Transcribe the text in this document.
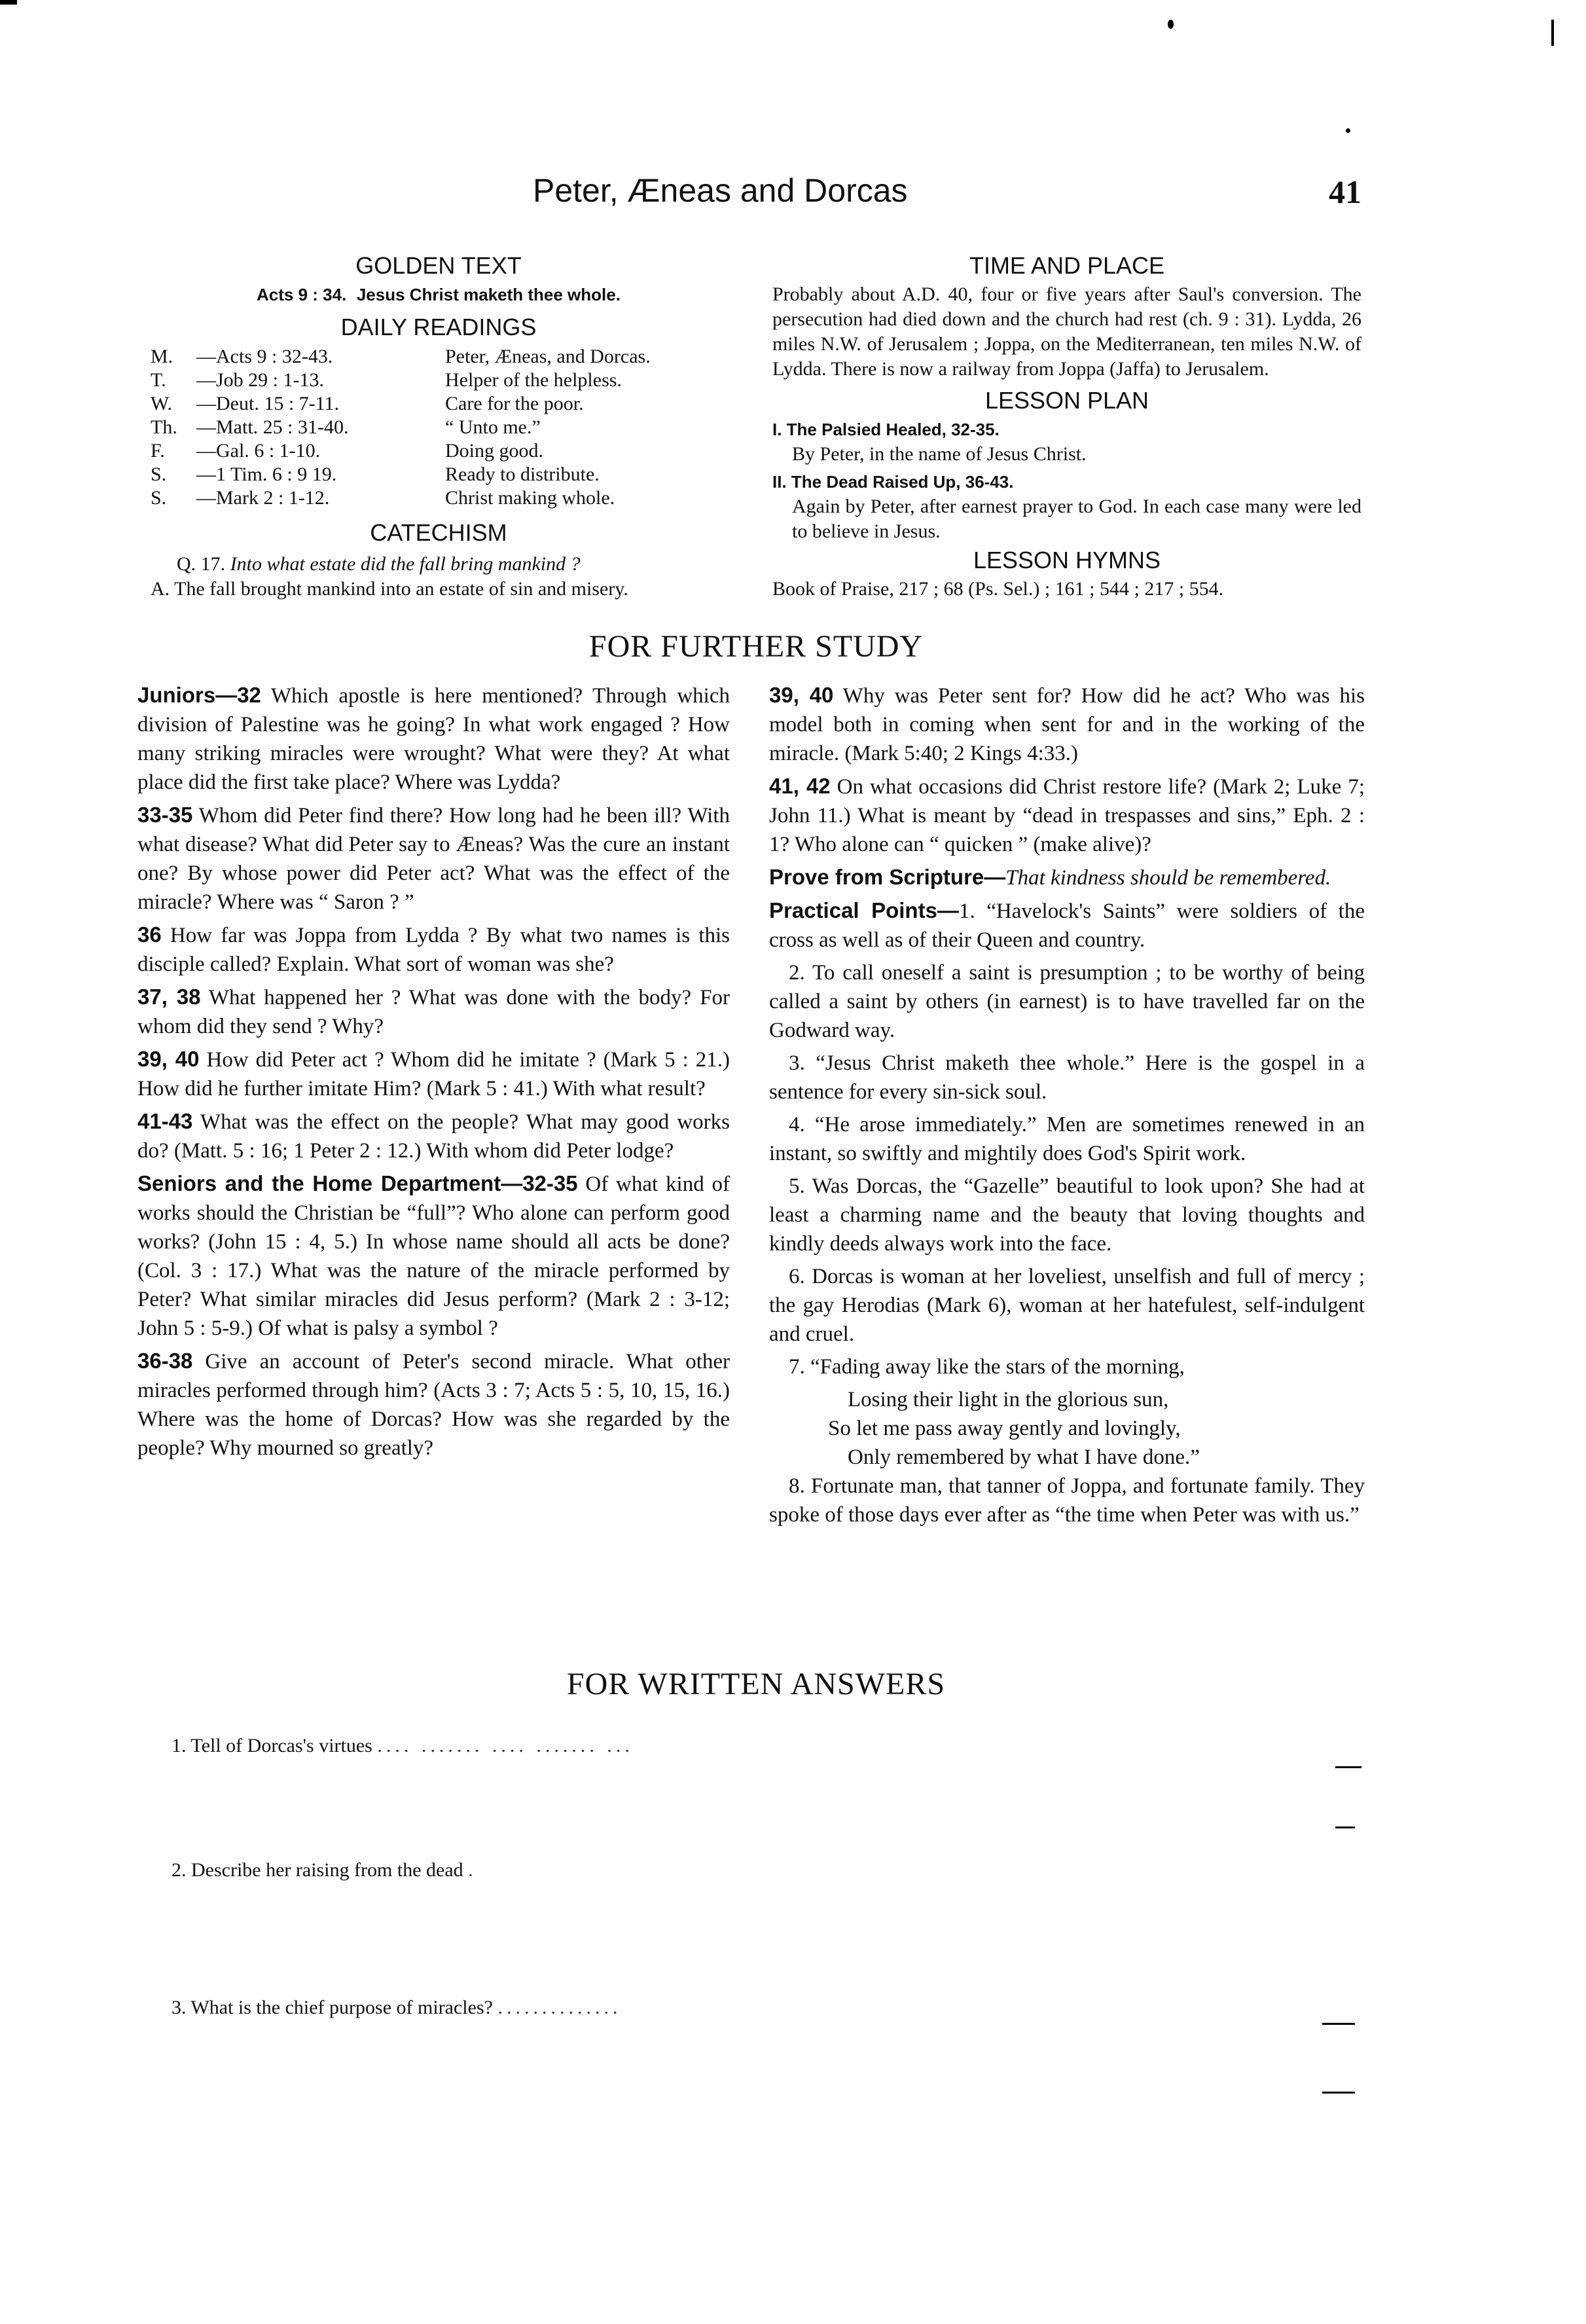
Peter, Æneas and Dorcas	41
GOLDEN TEXT
Acts 9 : 34. Jesus Christ maketh thee whole.
DAILY READINGS
M.	—Acts 9 : 32-43.	Peter, Æneas, and Dorcas.
T.	—Job 29 : 1-13.	Helper of the helpless.
W.	—Deut. 15 : 7-11.	Care for the poor.
Th.	—Matt. 25 : 31-40.	“ Unto me.”
F.	—Gal. 6 : 1-10.	Doing good.
S.	—1 Tim. 6 : 9 19.	Ready to distribute.
S.	—Mark 2 : 1-12.	Christ making whole.
CATECHISM
Q. 17. Into what estate did the fall bring mankind ?
A. The fall brought mankind into an estate of sin and misery.
TIME AND PLACE
Probably about A.D. 40, four or five years after Saul's conversion. The persecution had died down and the church had rest (ch. 9 : 31). Lydda, 26 miles N.W. of Jerusalem ; Joppa, on the Mediterranean, ten miles N.W. of Lydda. There is now a railway from Joppa (Jaffa) to Jerusalem.
LESSON PLAN
I. The Palsied Healed, 32-35.
By Peter, in the name of Jesus Christ.
II. The Dead Raised Up, 36-43.
Again by Peter, after earnest prayer to God. In each case many were led to believe in Jesus.
LESSON HYMNS
Book of Praise, 217 ; 68 (Ps. Sel.) ; 161 ; 544 ; 217 ; 554.
FOR FURTHER STUDY

Juniors—32 Which apostle is here mentioned? Through which division of Palestine was he going? In what work engaged ? How many striking miracles were wrought? What were they? At what place did the first take place? Where was Lydda?

33-35 Whom did Peter find there? How long had he been ill? With what disease? What did Peter say to Æneas? Was the cure an instant one? By whose power did Peter act? What was the effect of the miracle? Where was “ Saron ? ”

36 How far was Joppa from Lydda ? By what two names is this disciple called? Explain. What sort of woman was she?

37, 38 What happened her ? What was done with the body? For whom did they send ? Why?

39, 40 How did Peter act ? Whom did he imitate ? (Mark 5 : 21.) How did he further imitate Him? (Mark 5 : 41.) With what result?

41-43 What was the effect on the people? What may good works do? (Matt. 5 : 16; 1 Peter 2 : 12.) With whom did Peter lodge?

Seniors and the Home Department—32-35 Of what kind of works should the Christian be “full”? Who alone can perform good works? (John 15 : 4, 5.) In whose name should all acts be done? (Col. 3 : 17.) What was the nature of the miracle performed by Peter? What similar miracles did Jesus perform? (Mark 2 : 3-12; John 5 : 5-9.) Of what is palsy a symbol ?

36-38 Give an account of Peter's second miracle. What other miracles performed through him? (Acts 3 : 7; Acts 5 : 5, 10, 15, 16.) Where was the home of Dorcas? How was she regarded by the people? Why mourned so greatly?

39, 40 Why was Peter sent for? How did he act? Who was his model both in coming when sent for and in the working of the miracle. (Mark 5:40; 2 Kings 4:33.)

41, 42 On what occasions did Christ restore life? (Mark 2; Luke 7; John 11.) What is meant by “dead in trespasses and sins,” Eph. 2 : 1? Who alone can “ quicken ” (make alive)?

Prove from Scripture—That kindness should be remembered.

Practical Points—1. “Havelock's Saints” were soldiers of the cross as well as of their Queen and country.

2. To call oneself a saint is presumption ; to be worthy of being called a saint by others (in earnest) is to have travelled far on the Godward way.

3. “Jesus Christ maketh thee whole.” Here is the gospel in a sentence for every sin-sick soul.

4. “He arose immediately.” Men are sometimes renewed in an instant, so swiftly and mightily does God's Spirit work.

5. Was Dorcas, the “Gazelle” beautiful to look upon? She had at least a charming name and the beauty that loving thoughts and kindly deeds always work into the face.

6. Dorcas is woman at her loveliest, unselfish and full of mercy ; the gay Herodias (Mark 6), woman at her hatefulest, self-indulgent and cruel.

7. “Fading away like the stars of the morning,

Losing their light in the glorious sun,
So let me pass away gently and lovingly,
Only remembered by what I have done.”

8. Fortunate man, that tanner of Joppa, and fortunate family. They spoke of those days ever after as “the time when Peter was with us.”

FOR WRITTEN ANSWERS
1. Tell of Dorcas's virtues .... ....... .... ....... ...
2. Describe her raising from the dead .
3. What is the chief purpose of miracles? ..............
